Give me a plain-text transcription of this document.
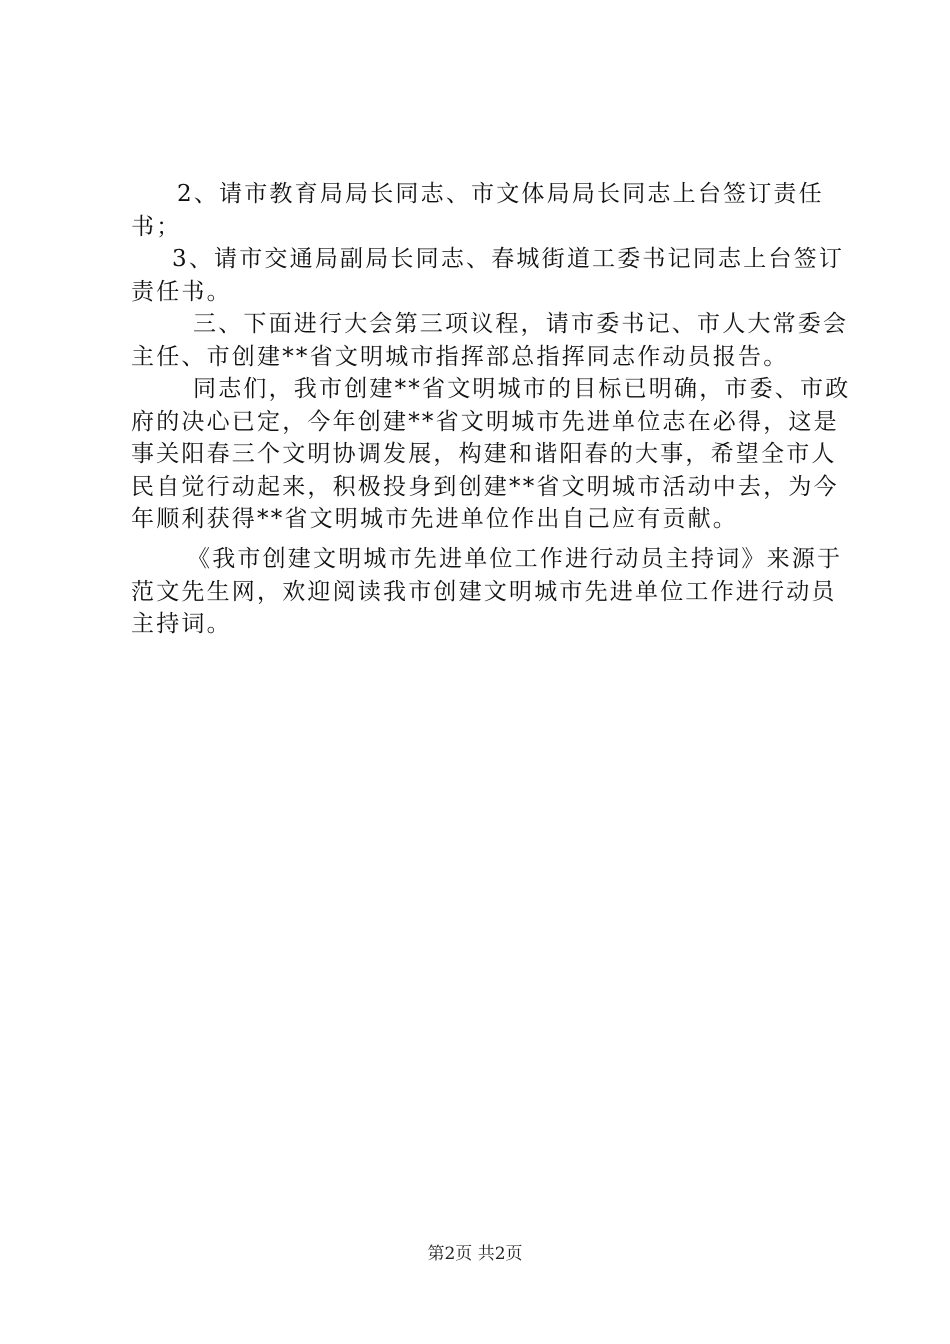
2、请市教育局局长同志、市文体局局长同志上台签订责任书；

3、请市交通局副局长同志、春城街道工委书记同志上台签订责任书。

三、下面进行大会第三项议程，请市委书记、市人大常委会主任、市创建**省文明城市指挥部总指挥同志作动员报告。

同志们，我市创建**省文明城市的目标已明确，市委、市政府的决心已定，今年创建**省文明城市先进单位志在必得，这是事关阳春三个文明协调发展，构建和谐阳春的大事，希望全市人民自觉行动起来，积极投身到创建**省文明城市活动中去，为今年顺利获得**省文明城市先进单位作出自己应有贡献。

《我市创建文明城市先进单位工作进行动员主持词》来源于范文先生网，欢迎阅读我市创建文明城市先进单位工作进行动员主持词。

第2页 共2页
